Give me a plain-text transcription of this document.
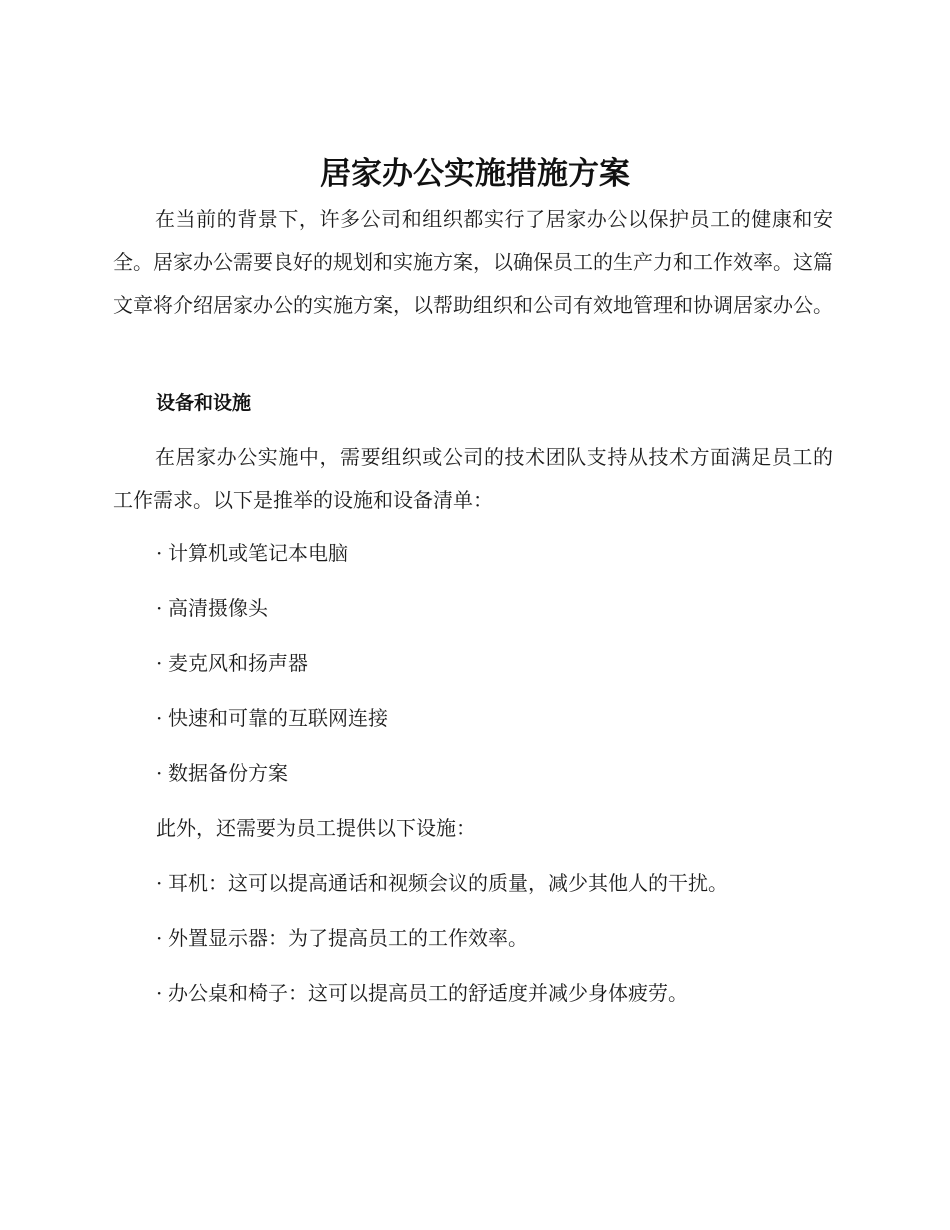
居家办公实施措施方案

在当前的背景下，许多公司和组织都实行了居家办公以保护员工的健康和安全。居家办公需要良好的规划和实施方案，以确保员工的生产力和工作效率。这篇文章将介绍居家办公的实施方案，以帮助组织和公司有效地管理和协调居家办公。

设备和设施

在居家办公实施中，需要组织或公司的技术团队支持从技术方面满足员工的工作需求。以下是推举的设施和设备清单：

· 计算机或笔记本电脑

· 高清摄像头

· 麦克风和扬声器

· 快速和可靠的互联网连接

· 数据备份方案

此外，还需要为员工提供以下设施：

· 耳机：这可以提高通话和视频会议的质量，减少其他人的干扰。

· 外置显示器：为了提高员工的工作效率。

· 办公桌和椅子：这可以提高员工的舒适度并减少身体疲劳。
